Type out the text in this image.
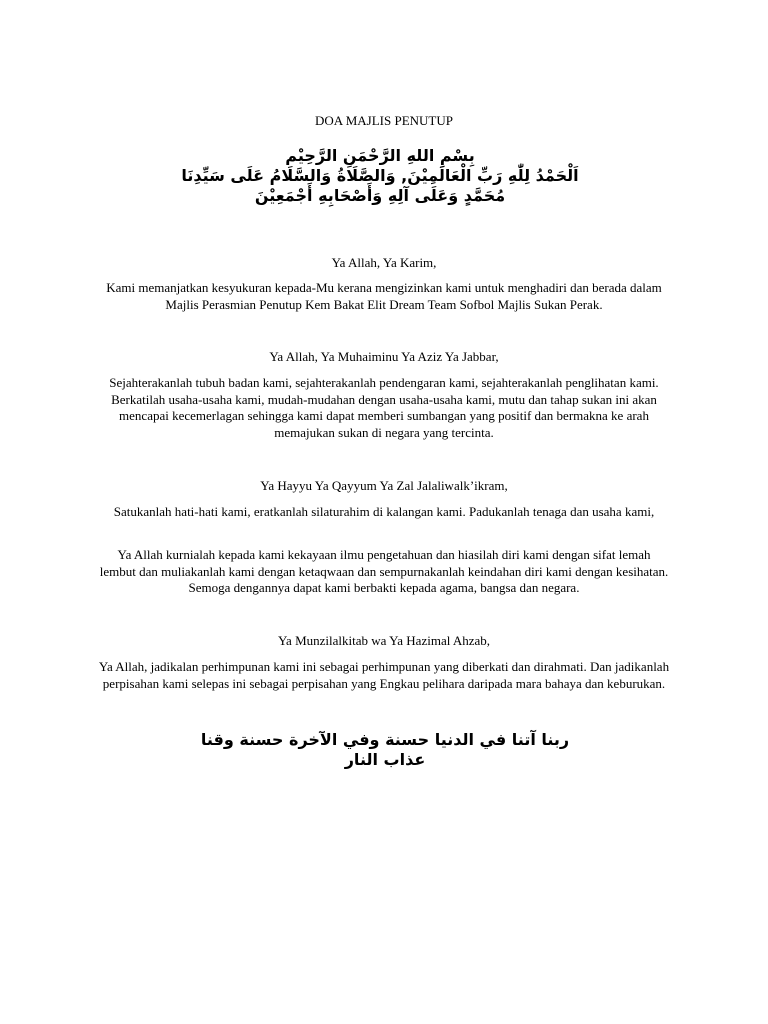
DOA MAJLIS PENUTUP
بِسْمِ اللهِ الرَّحْمَنِ الرَّحِيْم
اَلْحَمْدُ لِلّٰهِ رَبِّ الْعَالَمِيْنَ, وَالصَّلَاةُ وَالسَّلَامُ عَلَى سَيِّدِنَا
مُحَمَّدٍ وَعَلَى آلِهِ وَأَصْحَابِهِ أَجْمَعِيْنَ
Ya Allah, Ya Karim,
Kami memanjatkan kesyukuran kepada-Mu kerana mengizinkan kami untuk menghadiri dan berada dalam Majlis Perasmian Penutup Kem Bakat Elit Dream Team Sofbol Majlis Sukan Perak.
Ya Allah, Ya Muhaiminu Ya Aziz Ya Jabbar,
Sejahterakanlah tubuh badan kami, sejahterakanlah pendengaran kami, sejahterakanlah penglihatan kami. Berkatilah usaha-usaha kami, mudah-mudahan dengan usaha-usaha kami, mutu dan tahap sukan ini akan mencapai kecemerlagan sehingga kami dapat memberi sumbangan yang positif dan bermakna ke arah memajukan sukan di negara yang tercinta.
Ya Hayyu Ya Qayyum Ya Zal Jalaliwalk’ikram,
Satukanlah hati-hati kami, eratkanlah silaturahim di kalangan kami. Padukanlah tenaga dan usaha kami,
Ya Allah kurnialah kepada kami kekayaan ilmu pengetahuan dan hiasilah diri kami dengan sifat lemah lembut dan muliakanlah kami dengan ketaqwaan dan sempurnakanlah keindahan diri kami dengan kesihatan. Semoga dengannya dapat kami berbakti kepada agama, bangsa dan negara.
Ya Munzilalkitab wa Ya Hazimal Ahzab,
Ya Allah, jadikalan perhimpunan kami ini sebagai perhimpunan yang diberkati dan dirahmati. Dan jadikanlah perpisahan kami selepas ini sebagai perpisahan yang Engkau pelihara daripada mara bahaya dan keburukan.
ربنا آتنا في الدنيا حسنة وفي الآخرة حسنة وقنا
عذاب النار
